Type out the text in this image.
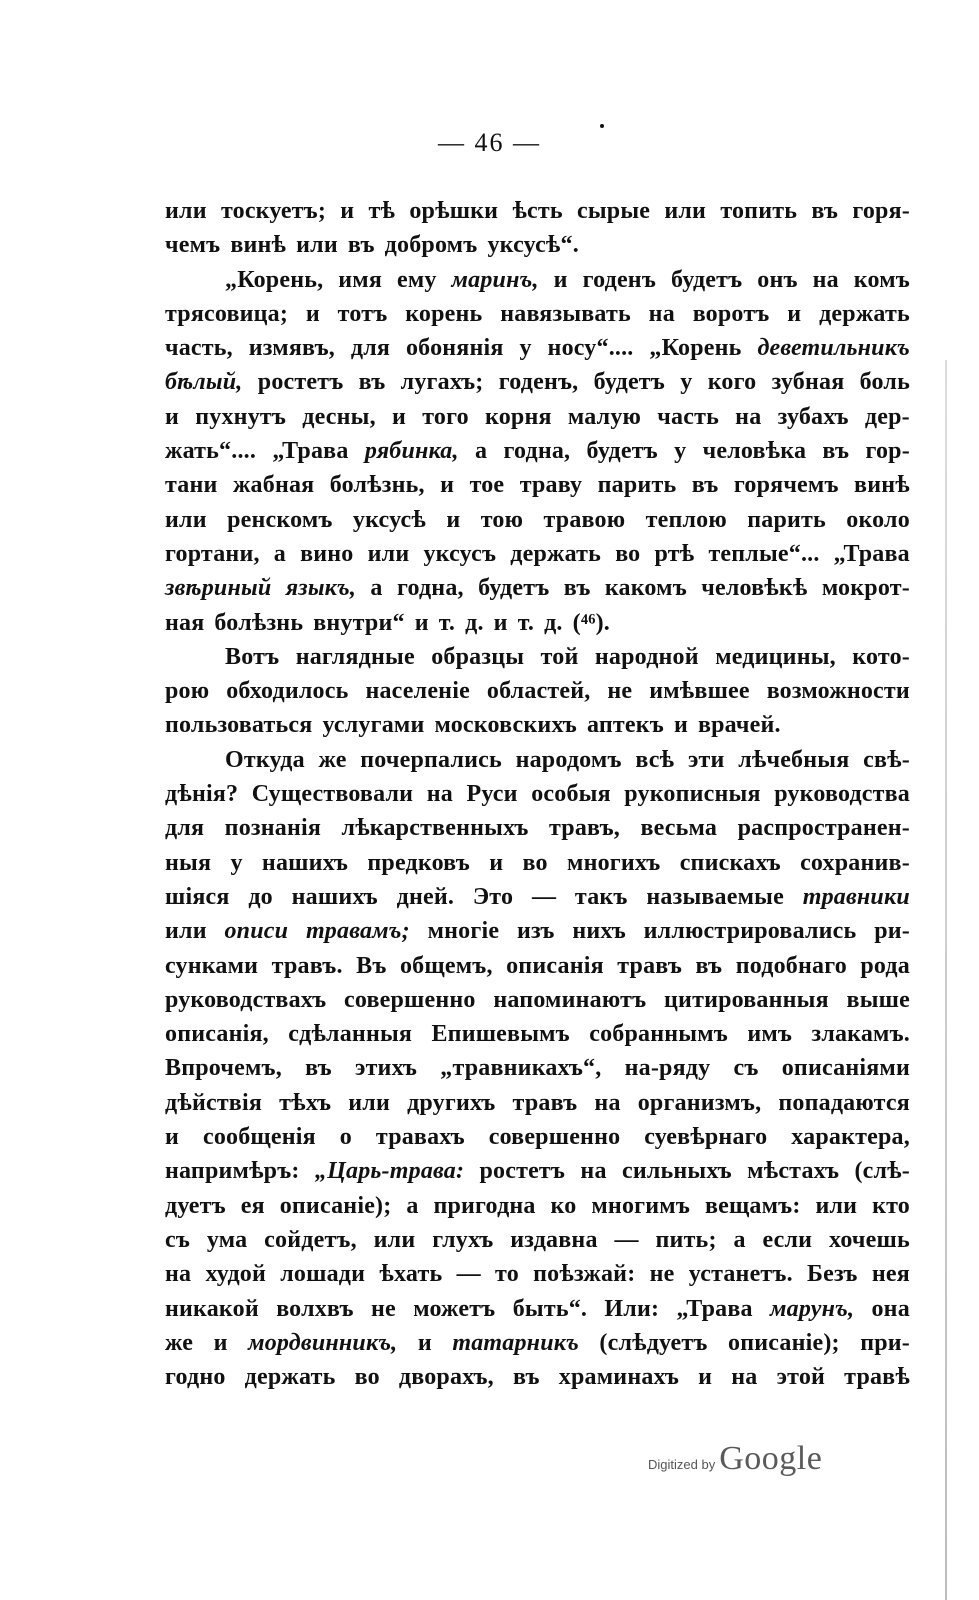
— 46 —
или тоскуетъ; и тѣ орѣшки ѣсть сырые или топить въ горя-
чемъ винѣ или въ добромъ уксусѣ“.
„Корень, имя ему маринъ, и годенъ будетъ онъ на комъ
трясовица; и тотъ корень навязывать на воротъ и держать
часть, измявъ, для обонянія у носу“.... „Корень деветильникъ
бѣлый, ростетъ въ лугахъ; годенъ, будетъ у кого зубная боль
и пухнутъ десны, и того корня малую часть на зубахъ дер-
жать“.... „Трава рябинка, а годна, будетъ у человѣка въ гор-
тани жабная болѣзнь, и тое траву парить въ горячемъ винѣ
или ренскомъ уксусѣ и тою травою теплою парить около
гортани, а вино или уксусъ держать во ртѣ теплые“... „Трава
звѣриный языкъ, а годна, будетъ въ какомъ человѣкѣ мокрот-
ная болѣзнь внутри“ и т. д. и т. д. (⁴⁶).
Вотъ наглядные образцы той народной медицины, кото-
рою обходилось населеніе областей, не имѣвшее возможности
пользоваться услугами московскихъ аптекъ и врачей.
Откуда же почерпались народомъ всѣ эти лѣчебныя свѣ-
дѣнія? Существовали на Руси особыя рукописныя руководства
для познанія лѣкарственныхъ травъ, весьма распространен-
ныя у нашихъ предковъ и во многихъ спискахъ сохранив-
шіяся до нашихъ дней. Это — такъ называемые травники
или описи травамъ; многіе изъ нихъ иллюстрировались ри-
сунками травъ. Въ общемъ, описанія травъ въ подобнаго рода
руководствахъ совершенно напоминаютъ цитированныя выше
описанія, сдѣланныя Епишевымъ собраннымъ имъ злакамъ.
Впрочемъ, въ этихъ „травникахъ“, на-ряду съ описаніями
дѣйствія тѣхъ или другихъ травъ на организмъ, попадаются
и сообщенія о травахъ совершенно суевѣрнаго характера,
напримѣръ: „Царь-трава: ростетъ на сильныхъ мѣстахъ (слѣ-
дуетъ ея описаніе); а пригодна ко многимъ вещамъ: или кто
съ ума сойдетъ, или глухъ издавна — пить; а если хочешь
на худой лошади ѣхать — то поѣзжай: не устанетъ. Безъ нея
никакой волхвъ не можетъ быть“. Или: „Трава марунъ, она
же и мордвинникъ, и татарникъ (слѣдуетъ описаніе); при-
годно держать во дворахъ, въ храминахъ и на этой травѣ
Digitized by Google
